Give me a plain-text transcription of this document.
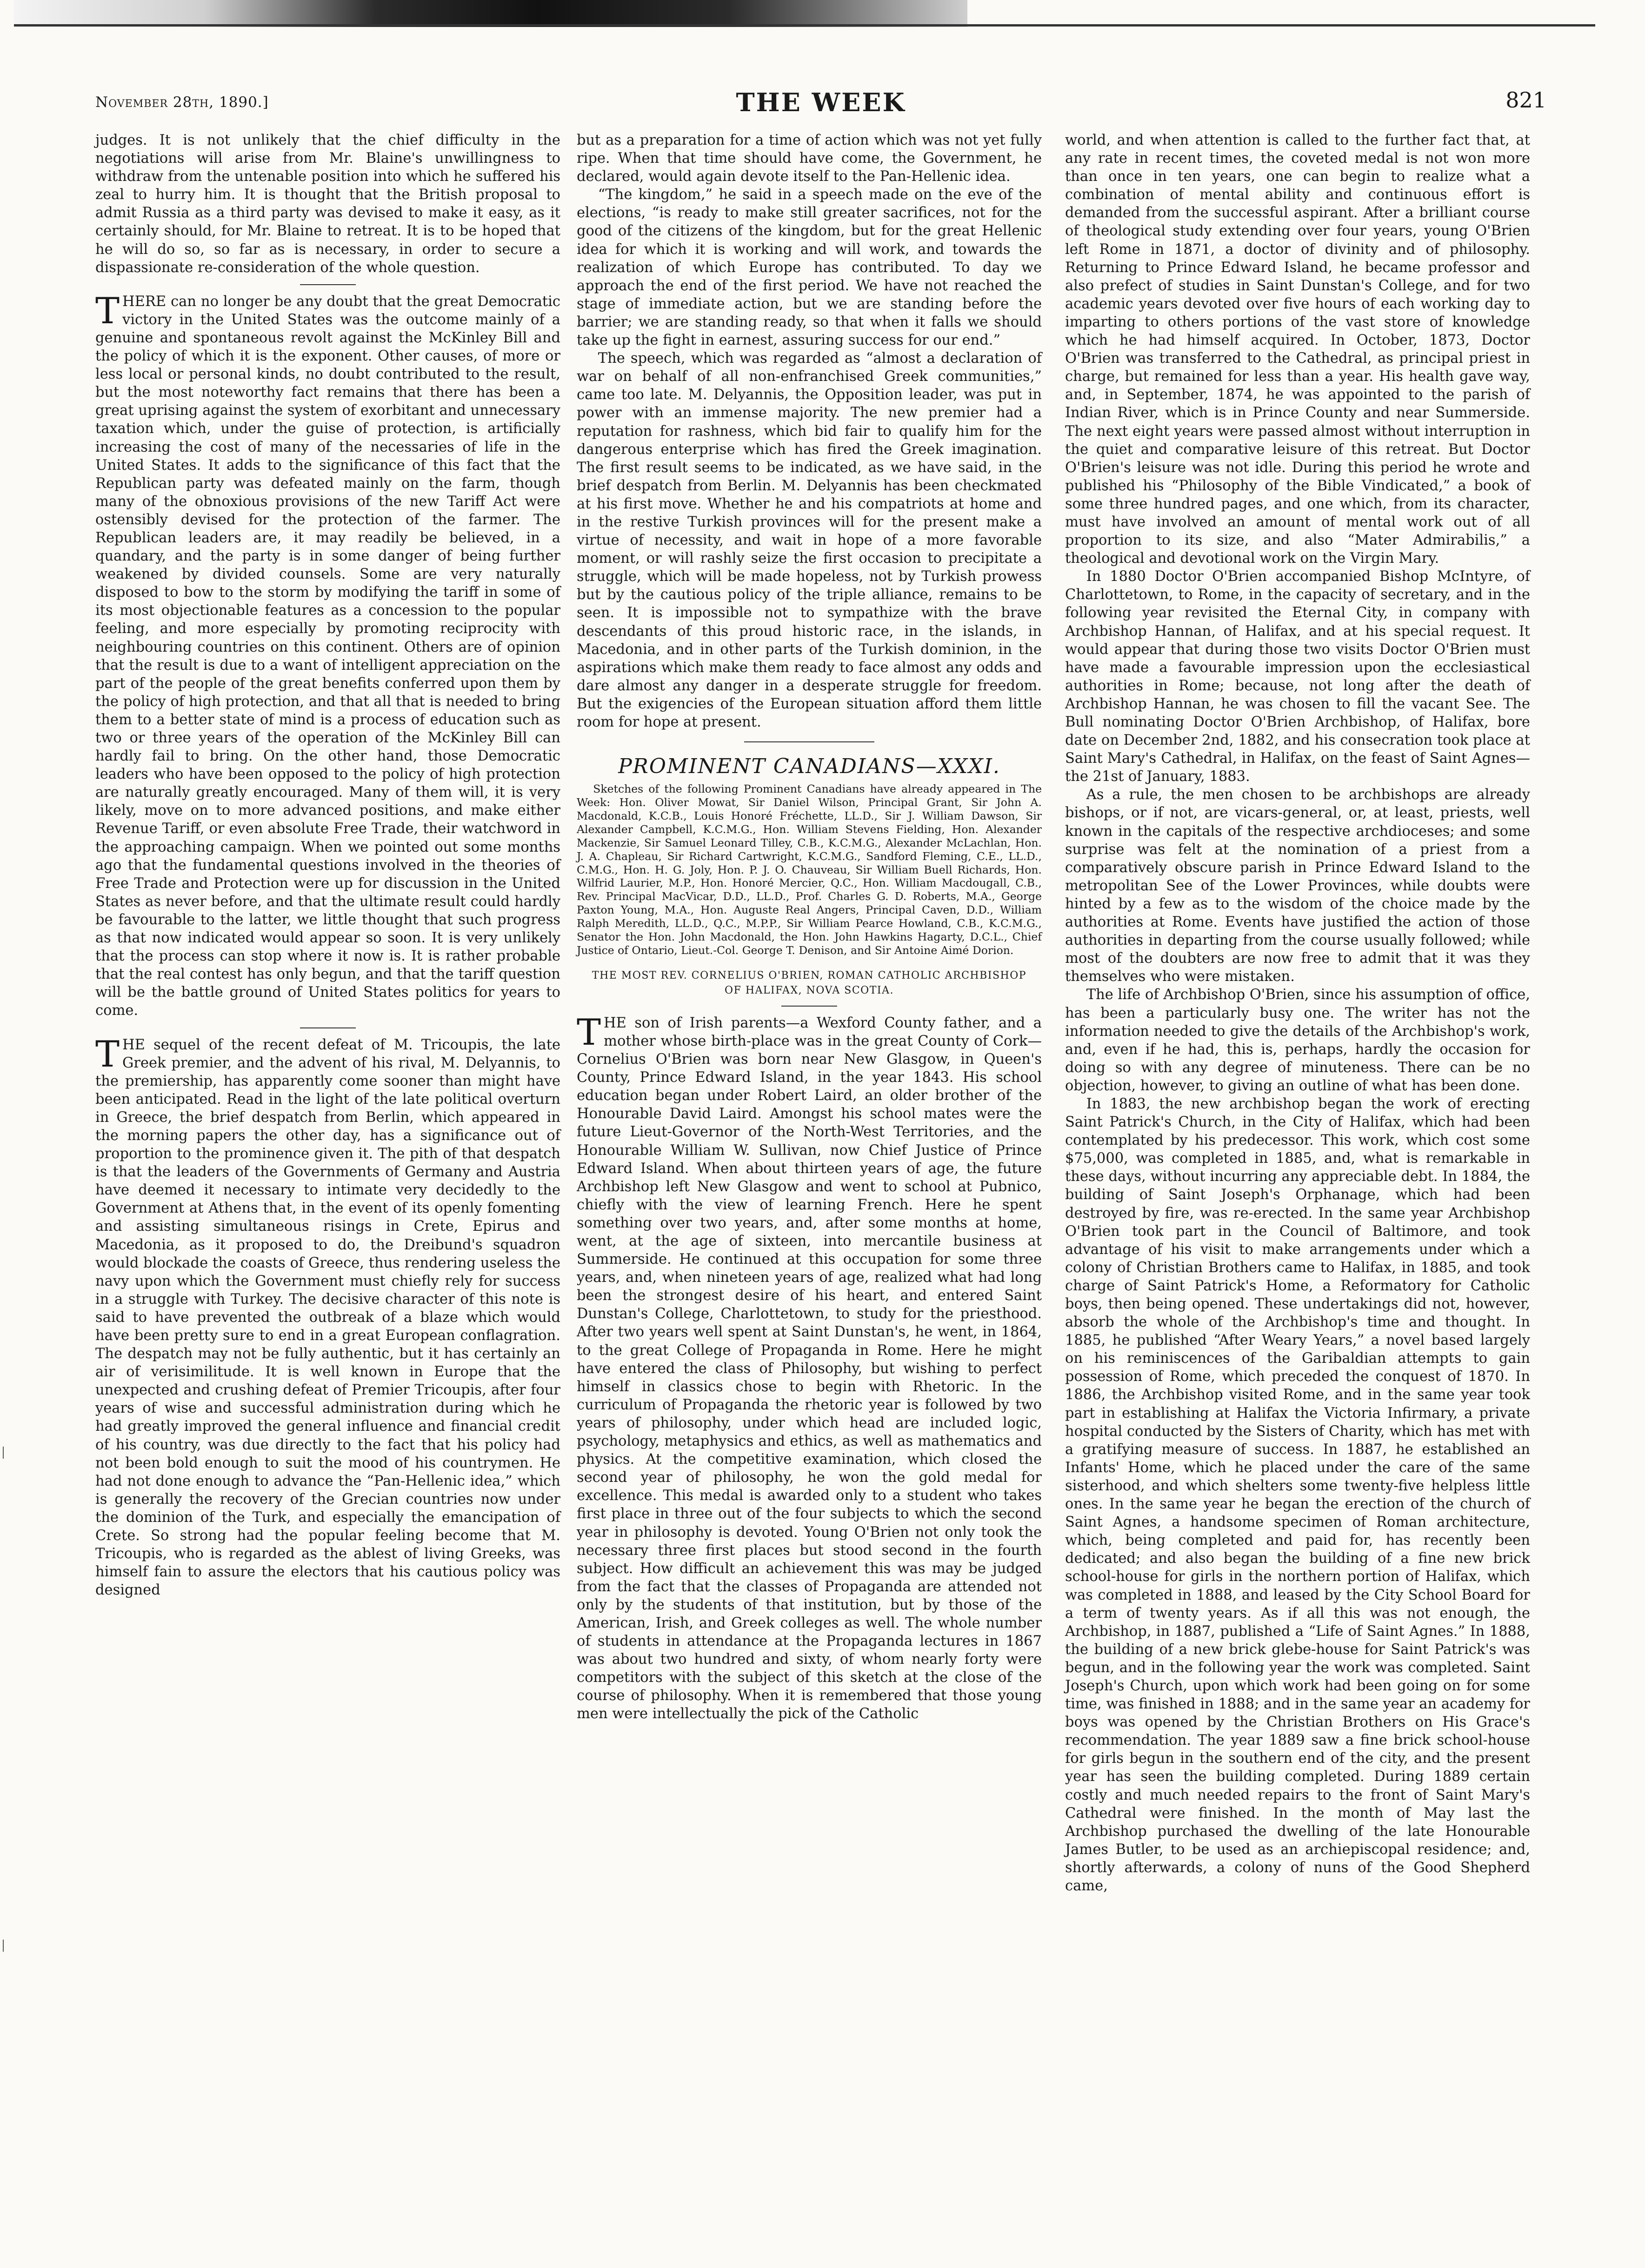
November 28th, 1890.]	THE WEEK	821

judges. It is not unlikely that the chief difficulty in the negotiations will arise from Mr. Blaine's unwillingness to withdraw from the untenable position into which he suffered his zeal to hurry him. It is thought that the British proposal to admit Russia as a third party was devised to make it easy, as it certainly should, for Mr. Blaine to retreat. It is to be hoped that he will do so, so far as is necessary, in order to secure a dispassionate re-consideration of the whole question.

THERE can no longer be any doubt that the great Democratic victory in the United States was the outcome mainly of a genuine and spontaneous revolt against the McKinley Bill and the policy of which it is the exponent. Other causes, of more or less local or personal kinds, no doubt contributed to the result, but the most noteworthy fact remains that there has been a great uprising against the system of exorbitant and unnecessary taxation which, under the guise of protection, is artificially increasing the cost of many of the necessaries of life in the United States. It adds to the significance of this fact that the Republican party was defeated mainly on the farm, though many of the obnoxious provisions of the new Tariff Act were ostensibly devised for the protection of the farmer. The Republican leaders are, it may readily be believed, in a quandary, and the party is in some danger of being further weakened by divided counsels. Some are very naturally disposed to bow to the storm by modifying the tariff in some of its most objectionable features as a concession to the popular feeling, and more especially by promoting reciprocity with neighbouring countries on this continent. Others are of opinion that the result is due to a want of intelligent appreciation on the part of the people of the great benefits conferred upon them by the policy of high protection, and that all that is needed to bring them to a better state of mind is a process of education such as two or three years of the operation of the McKinley Bill can hardly fail to bring. On the other hand, those Democratic leaders who have been opposed to the policy of high protection are naturally greatly encouraged. Many of them will, it is very likely, move on to more advanced positions, and make either Revenue Tariff, or even absolute Free Trade, their watchword in the approaching campaign. When we pointed out some months ago that the fundamental questions involved in the theories of Free Trade and Protection were up for discussion in the United States as never before, and that the ultimate result could hardly be favourable to the latter, we little thought that such progress as that now indicated would appear so soon. It is very unlikely that the process can stop where it now is. It is rather probable that the real contest has only begun, and that the tariff question will be the battle ground of United States politics for years to come.

THE sequel of the recent defeat of M. Tricoupis, the late Greek premier, and the advent of his rival, M. Delyannis, to the premiership, has apparently come sooner than might have been anticipated. Read in the light of the late political overturn in Greece, the brief despatch from Berlin, which appeared in the morning papers the other day, has a significance out of proportion to the prominence given it. The pith of that despatch is that the leaders of the Governments of Germany and Austria have deemed it necessary to intimate very decidedly to the Government at Athens that, in the event of its openly fomenting and assisting simultaneous risings in Crete, Epirus and Macedonia, as it proposed to do, the Dreibund's squadron would blockade the coasts of Greece, thus rendering useless the navy upon which the Government must chiefly rely for success in a struggle with Turkey. The decisive character of this note is said to have prevented the outbreak of a blaze which would have been pretty sure to end in a great European conflagration. The despatch may not be fully authentic, but it has certainly an air of verisimilitude. It is well known in Europe that the unexpected and crushing defeat of Premier Tricoupis, after four years of wise and successful administration during which he had greatly improved the general influence and financial credit of his country, was due directly to the fact that his policy had not been bold enough to suit the mood of his countrymen. He had not done enough to advance the “Pan-Hellenic idea,” which is generally the recovery of the Grecian countries now under the dominion of the Turk, and especially the emancipation of Crete. So strong had the popular feeling become that M. Tricoupis, who is regarded as the ablest of living Greeks, was himself fain to assure the electors that his cautious policy was designed

but as a preparation for a time of action which was not yet fully ripe. When that time should have come, the Government, he declared, would again devote itself to the Pan-Hellenic idea.

“The kingdom,” he said in a speech made on the eve of the elections, “is ready to make still greater sacrifices, not for the good of the citizens of the kingdom, but for the great Hellenic idea for which it is working and will work, and towards the realization of which Europe has contributed. To day we approach the end of the first period. We have not reached the stage of immediate action, but we are standing before the barrier; we are standing ready, so that when it falls we should take up the fight in earnest, assuring success for our end.”

The speech, which was regarded as “almost a declaration of war on behalf of all non-enfranchised Greek communities,” came too late. M. Delyannis, the Opposition leader, was put in power with an immense majority. The new premier had a reputation for rashness, which bid fair to qualify him for the dangerous enterprise which has fired the Greek imagination. The first result seems to be indicated, as we have said, in the brief despatch from Berlin. M. Delyannis has been checkmated at his first move. Whether he and his compatriots at home and in the restive Turkish provinces will for the present make a virtue of necessity, and wait in hope of a more favorable moment, or will rashly seize the first occasion to precipitate a struggle, which will be made hopeless, not by Turkish prowess but by the cautious policy of the triple alliance, remains to be seen. It is impossible not to sympathize with the brave descendants of this proud historic race, in the islands, in Macedonia, and in other parts of the Turkish dominion, in the aspirations which make them ready to face almost any odds and dare almost any danger in a desperate struggle for freedom. But the exigencies of the European situation afford them little room for hope at present.

PROMINENT CANADIANS—XXXI.

Sketches of the following Prominent Canadians have already appeared in The Week: Hon. Oliver Mowat, Sir Daniel Wilson, Principal Grant, Sir John A. Macdonald, K.C.B., Louis Honoré Fréchette, LL.D., Sir J. William Dawson, Sir Alexander Campbell, K.C.M.G., Hon. William Stevens Fielding, Hon. Alexander Mackenzie, Sir Samuel Leonard Tilley, C.B., K.C.M.G., Alexander McLachlan, Hon. J. A. Chapleau, Sir Richard Cartwright, K.C.M.G., Sandford Fleming, C.E., LL.D., C.M.G., Hon. H. G. Joly, Hon. P. J. O. Chauveau, Sir William Buell Richards, Hon. Wilfrid Laurier, M.P., Hon. Honoré Mercier, Q.C., Hon. William Macdougall, C.B., Rev. Principal MacVicar, D.D., LL.D., Prof. Charles G. D. Roberts, M.A., George Paxton Young, M.A., Hon. Auguste Real Angers, Principal Caven, D.D., William Ralph Meredith, LL.D., Q.C., M.P.P., Sir William Pearce Howland, C.B., K.C.M.G., Senator the Hon. John Macdonald, the Hon. John Hawkins Hagarty, D.C.L., Chief Justice of Ontario, Lieut.-Col. George T. Denison, and Sir Antoine Aimé Dorion.

THE MOST REV. CORNELIUS O'BRIEN, ROMAN CATHOLIC ARCHBISHOP OF HALIFAX, NOVA SCOTIA.

THE son of Irish parents—a Wexford County father, and a mother whose birth-place was in the great County of Cork—Cornelius O'Brien was born near New Glasgow, in Queen's County, Prince Edward Island, in the year 1843. His school education began under Robert Laird, an older brother of the Honourable David Laird. Amongst his school mates were the future Lieut-Governor of the North-West Territories, and the Honourable William W. Sullivan, now Chief Justice of Prince Edward Island. When about thirteen years of age, the future Archbishop left New Glasgow and went to school at Pubnico, chiefly with the view of learning French. Here he spent something over two years, and, after some months at home, went, at the age of sixteen, into mercantile business at Summerside. He continued at this occupation for some three years, and, when nineteen years of age, realized what had long been the strongest desire of his heart, and entered Saint Dunstan's College, Charlottetown, to study for the priesthood. After two years well spent at Saint Dunstan's, he went, in 1864, to the great College of Propaganda in Rome. Here he might have entered the class of Philosophy, but wishing to perfect himself in classics chose to begin with Rhetoric. In the curriculum of Propaganda the rhetoric year is followed by two years of philosophy, under which head are included logic, psychology, metaphysics and ethics, as well as mathematics and physics. At the competitive examination, which closed the second year of philosophy, he won the gold medal for excellence. This medal is awarded only to a student who takes first place in three out of the four subjects to which the second year in philosophy is devoted. Young O'Brien not only took the necessary three first places but stood second in the fourth subject. How difficult an achievement this was may be judged from the fact that the classes of Propaganda are attended not only by the students of that institution, but by those of the American, Irish, and Greek colleges as well. The whole number of students in attendance at the Propaganda lectures in 1867 was about two hundred and sixty, of whom nearly forty were competitors with the subject of this sketch at the close of the course of philosophy. When it is remembered that those young men were intellectually the pick of the Catholic

world, and when attention is called to the further fact that, at any rate in recent times, the coveted medal is not won more than once in ten years, one can begin to realize what a combination of mental ability and continuous effort is demanded from the successful aspirant. After a brilliant course of theological study extending over four years, young O'Brien left Rome in 1871, a doctor of divinity and of philosophy. Returning to Prince Edward Island, he became professor and also prefect of studies in Saint Dunstan's College, and for two academic years devoted over five hours of each working day to imparting to others portions of the vast store of knowledge which he had himself acquired. In October, 1873, Doctor O'Brien was transferred to the Cathedral, as principal priest in charge, but remained for less than a year. His health gave way, and, in September, 1874, he was appointed to the parish of Indian River, which is in Prince County and near Summerside. The next eight years were passed almost without interruption in the quiet and comparative leisure of this retreat. But Doctor O'Brien's leisure was not idle. During this period he wrote and published his “Philosophy of the Bible Vindicated,” a book of some three hundred pages, and one which, from its character, must have involved an amount of mental work out of all proportion to its size, and also “Mater Admirabilis,” a theological and devotional work on the Virgin Mary.

In 1880 Doctor O'Brien accompanied Bishop McIntyre, of Charlottetown, to Rome, in the capacity of secretary, and in the following year revisited the Eternal City, in company with Archbishop Hannan, of Halifax, and at his special request. It would appear that during those two visits Doctor O'Brien must have made a favourable impression upon the ecclesiastical authorities in Rome; because, not long after the death of Archbishop Hannan, he was chosen to fill the vacant See. The Bull nominating Doctor O'Brien Archbishop, of Halifax, bore date on December 2nd, 1882, and his consecration took place at Saint Mary's Cathedral, in Halifax, on the feast of Saint Agnes—the 21st of January, 1883.

As a rule, the men chosen to be archbishops are already bishops, or if not, are vicars-general, or, at least, priests, well known in the capitals of the respective archdioceses; and some surprise was felt at the nomination of a priest from a comparatively obscure parish in Prince Edward Island to the metropolitan See of the Lower Provinces, while doubts were hinted by a few as to the wisdom of the choice made by the authorities at Rome. Events have justified the action of those authorities in departing from the course usually followed; while most of the doubters are now free to admit that it was they themselves who were mistaken.

The life of Archbishop O'Brien, since his assumption of office, has been a particularly busy one. The writer has not the information needed to give the details of the Archbishop's work, and, even if he had, this is, perhaps, hardly the occasion for doing so with any degree of minuteness. There can be no objection, however, to giving an outline of what has been done.

In 1883, the new archbishop began the work of erecting Saint Patrick's Church, in the City of Halifax, which had been contemplated by his predecessor. This work, which cost some $75,000, was completed in 1885, and, what is remarkable in these days, without incurring any appreciable debt. In 1884, the building of Saint Joseph's Orphanage, which had been destroyed by fire, was re-erected. In the same year Archbishop O'Brien took part in the Council of Baltimore, and took advantage of his visit to make arrangements under which a colony of Christian Brothers came to Halifax, in 1885, and took charge of Saint Patrick's Home, a Reformatory for Catholic boys, then being opened. These undertakings did not, however, absorb the whole of the Archbishop's time and thought. In 1885, he published “After Weary Years,” a novel based largely on his reminiscences of the Garibaldian attempts to gain possession of Rome, which preceded the conquest of 1870. In 1886, the Archbishop visited Rome, and in the same year took part in establishing at Halifax the Victoria Infirmary, a private hospital conducted by the Sisters of Charity, which has met with a gratifying measure of success. In 1887, he established an Infants' Home, which he placed under the care of the same sisterhood, and which shelters some twenty-five helpless little ones. In the same year he began the erection of the church of Saint Agnes, a handsome specimen of Roman architecture, which, being completed and paid for, has recently been dedicated; and also began the building of a fine new brick school-house for girls in the northern portion of Halifax, which was completed in 1888, and leased by the City School Board for a term of twenty years. As if all this was not enough, the Archbishop, in 1887, published a “Life of Saint Agnes.” In 1888, the building of a new brick glebe-house for Saint Patrick's was begun, and in the following year the work was completed. Saint Joseph's Church, upon which work had been going on for some time, was finished in 1888; and in the same year an academy for boys was opened by the Christian Brothers on His Grace's recommendation. The year 1889 saw a fine brick school-house for girls begun in the southern end of the city, and the present year has seen the building completed. During 1889 certain costly and much needed repairs to the front of Saint Mary's Cathedral were finished. In the month of May last the Archbishop purchased the dwelling of the late Honourable James Butler, to be used as an archiepiscopal residence; and, shortly afterwards, a colony of nuns of the Good Shepherd came,
